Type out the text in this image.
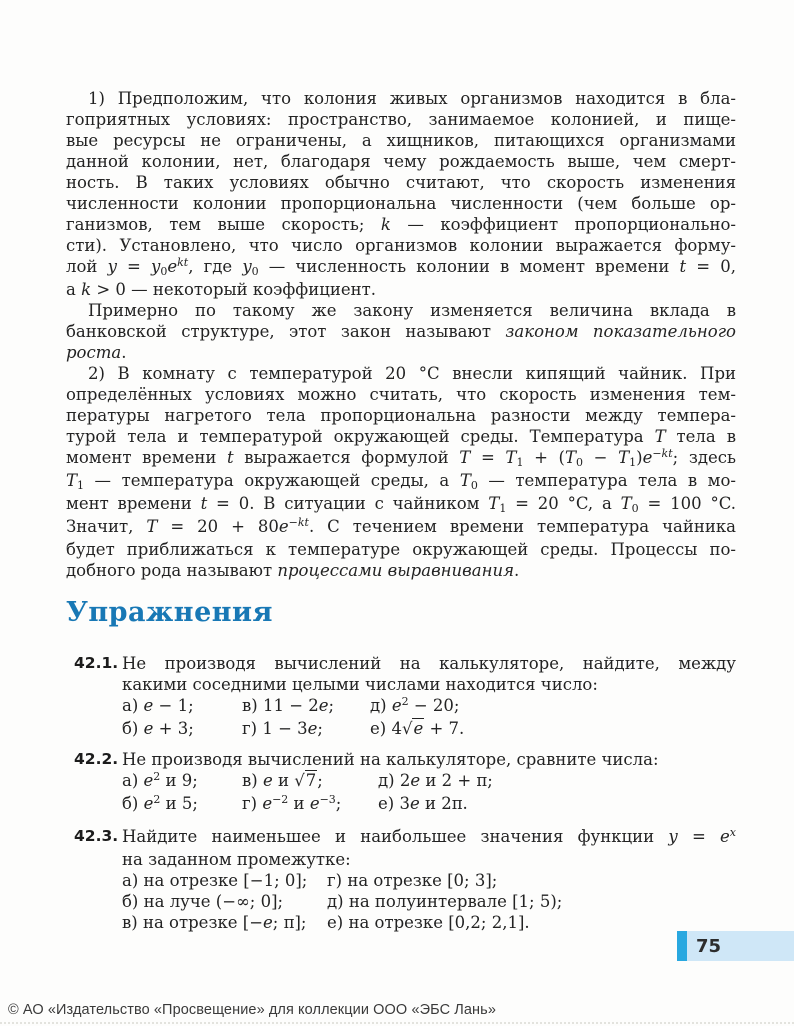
1) Предположим, что колония живых организмов находится в бла-
гоприятных условиях: пространство, занимаемое колонией, и пище-
вые ресурсы не ограничены, а хищников, питающихся организмами
данной колонии, нет, благодаря чему рождаемость выше, чем смерт-
ность. В таких условиях обычно считают, что скорость изменения
численности колонии пропорциональна численности (чем больше ор-
ганизмов, тем выше скорость; k — коэффициент пропорционально-
сти). Установлено, что число организмов колонии выражается форму-
лой $y = y_0e^{kt}$, где $y_0$ — численность колонии в момент времени t = 0,
а k > 0 — некоторый коэффициент.
Примерно по такому же закону изменяется величина вклада в
банковской структуре, этот закон называют законом показательного
роста.
2) В комнату с температурой 20 °C внесли кипящий чайник. При
определённых условиях можно считать, что скорость изменения тем-
пературы нагретого тела пропорциональна разности между темпера-
турой тела и температурой окружающей среды. Температура T тела в
момент времени t выражается формулой $T = T_1 + (T_0 - T_1)e^{-kt}$; здесь
$T_1$ — температура окружающей среды, а $T_0$ — температура тела в мо-
мент времени t = 0. В ситуации с чайником $T_1 = 20$ °C, а $T_0 = 100$ °C.
Значит, $T = 20 + 80e^{-kt}$. С течением времени температура чайника
будет приближаться к температуре окружающей среды. Процессы по-
добного рода называют процессами выравнивания.
Упражнения
42.1. Не производя вычислений на калькуляторе, найдите, между
какими соседними целыми числами находится число:
а) e − 1;	в) 11 − 2e;	д) $e^2 - 20$;
б) e + 3;	г) 1 − 3e;	е) 4√e + 7.
42.2. Не производя вычислений на калькуляторе, сравните числа:
а) $e^2$ и 9;	в) e и √7;	д) 2e и 2 + π;
б) $e^2$ и 5;	г) $e^{-2}$ и $e^{-3}$;	е) 3e и 2π.
42.3. Найдите наименьшее и наибольшее значения функции $y = e^x$
на заданном промежутке:
а) на отрезке [−1; 0];	г) на отрезке [0; 3];
б) на луче (−∞; 0];	д) на полуинтервале [1; 5);
в) на отрезке [−e; π];	е) на отрезке [0,2; 2,1].
75
© АО «Издательство «Просвещение» для коллекции ООО «ЭБС Лань»
